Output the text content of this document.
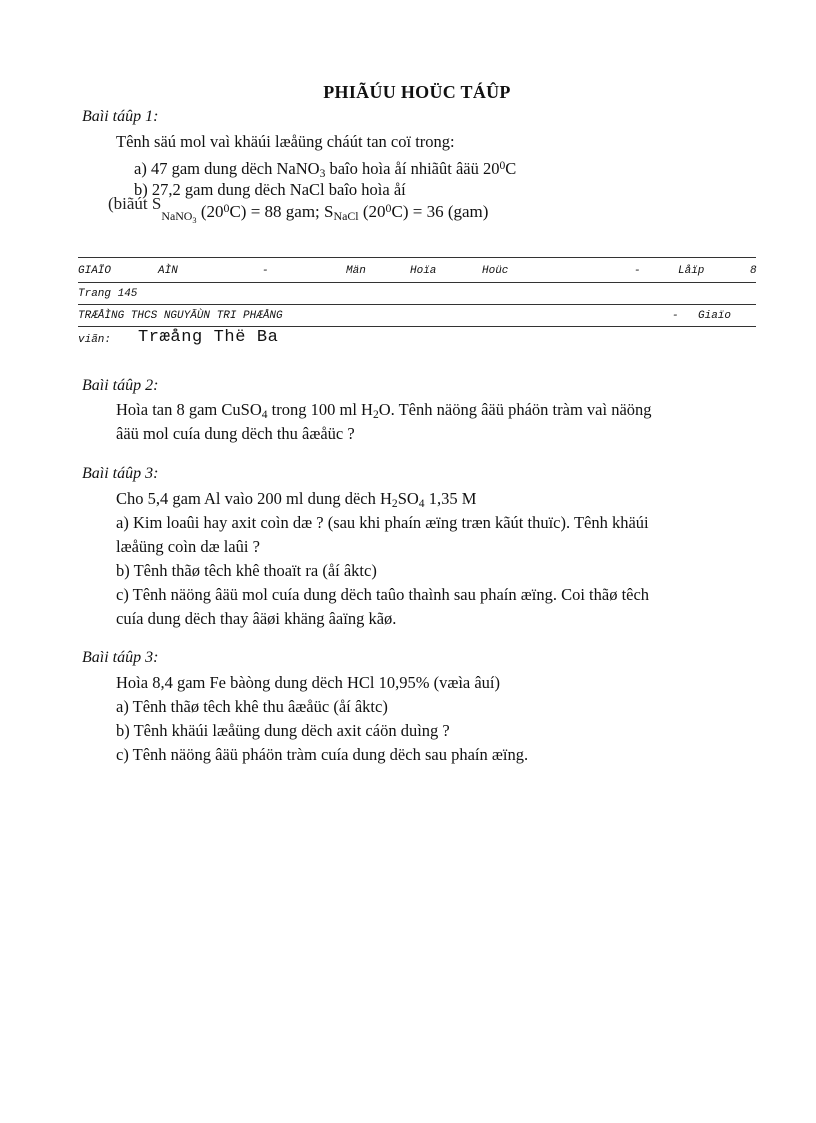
PHIÃÚU HOÜC TÁÛP
Baìi táûp 1:
Tênh säú mol vaì khäúi læåüng cháút tan coï trong:
a) 47 gam dung dëch NaNO$_3$ baîo hoìa åí nhiãût âäü $20^0C$
b) 27,2 gam dung dëch NaCl baîo hoìa åí
(biãút $S_{NaNO_3}$ $(20^0C) = 88$ gam; $S_{NaCl}$ $(20^0C) = 36$ (gam)
GIAÏO	AÌN	-	Män	Hoïa	Hoüc	-	Låïp	8
Trang 145
TRÆÅÌNG THCS NGUYÃÙN TRI PHÆÅNG	- Giaïo
viãn: Træång Thë Ba
Baìi táûp 2:
Hoìa tan 8 gam CuSO$_4$ trong 100 ml $H_2O$. Tênh näöng âäü pháön tràm vaì näöng
âäü mol cuía dung dëch thu âæåüc ?
Baìi táûp 3:
Cho 5,4 gam Al vaìo 200 ml dung dëch $H_2SO_4$ 1,35 M
a) Kim loaûi hay axit coìn dæ ? (sau khi phaín æïng træn kãút thuïc). Tênh khäúi
læåüng coìn dæ laûi ?
b) Tênh thãø têch khê thoaït ra (åí âktc)
c) Tênh näöng âäü mol cuía dung dëch taûo thaình sau phaín æïng. Coi thãø têch
cuía dung dëch thay âäøi khäng âaïng kãø.
Baìi táûp 3:
Hoìa 8,4 gam Fe bàòng dung dëch HCl 10,95% (væìa âuí)
a) Tênh thãø têch khê thu âæåüc (åí âktc)
b) Tênh khäúi læåüng dung dëch axit cáön duìng ?
c) Tênh näöng âäü pháön tràm cuía dung dëch sau phaín æïng.
